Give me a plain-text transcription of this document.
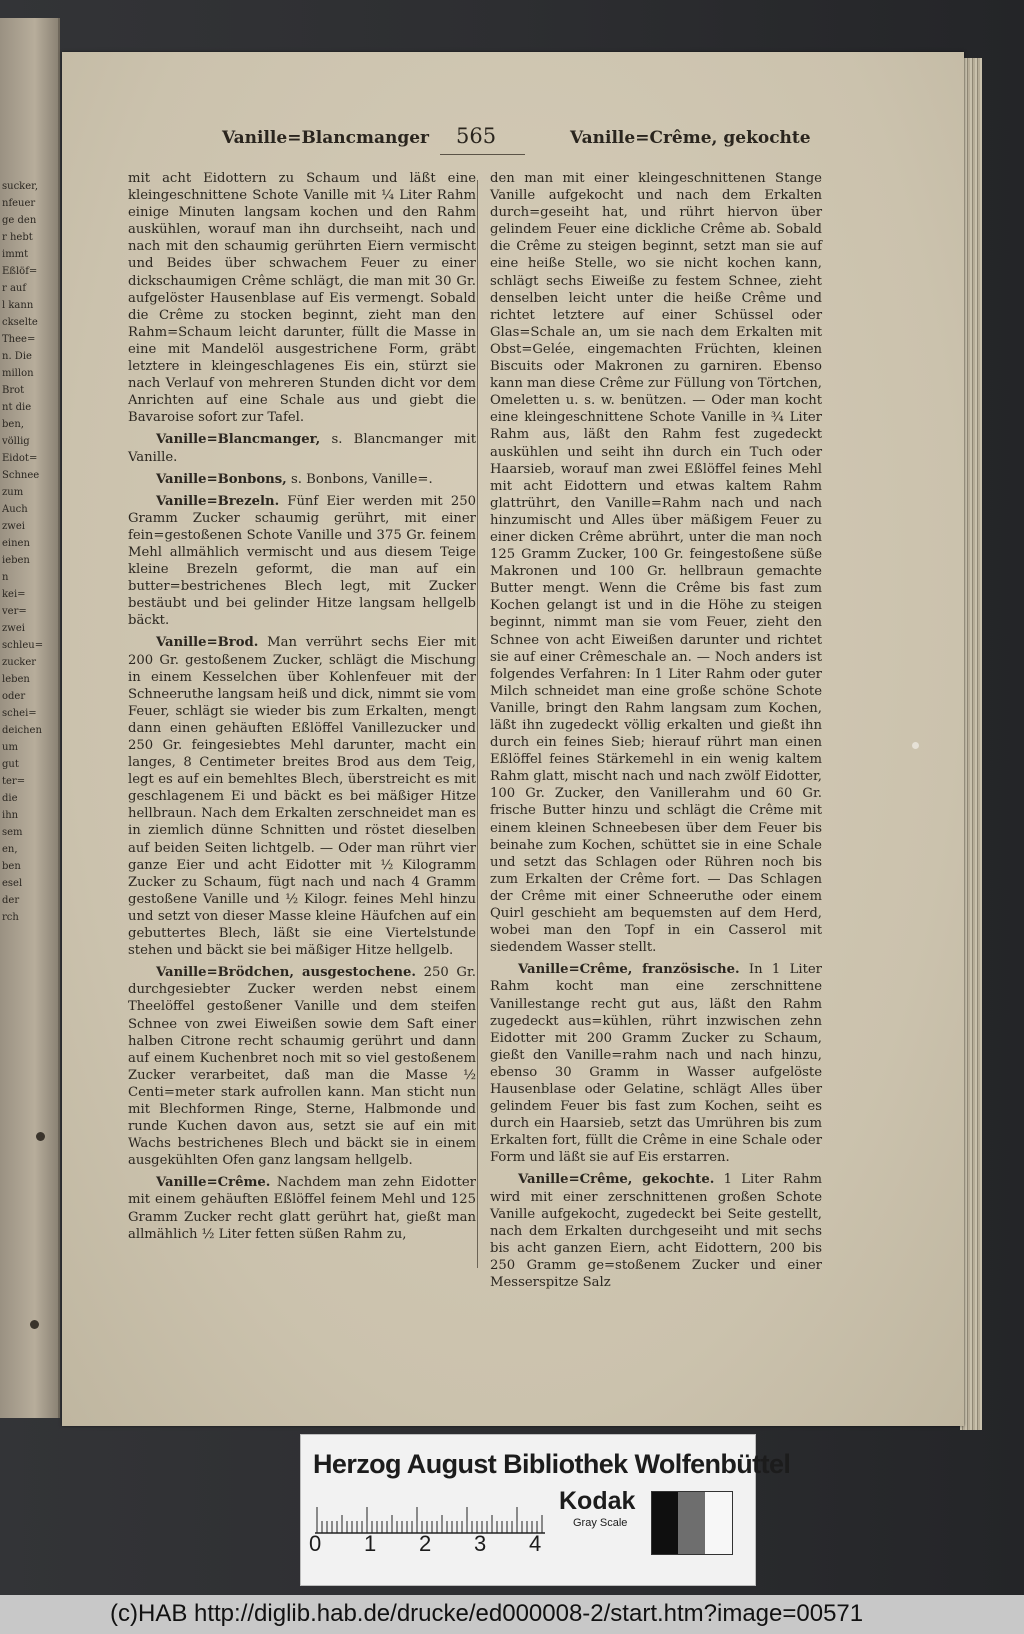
sucker,
nfeuer
ge den
r hebt
immt
Eßlöf=
r auf
l kann
ckselte
Thee=
n. Die
millon
Brot
nt die
ben,
völlig
Eidot=
Schnee
zum
Auch
zwei
einen
ieben
n
kei=
ver=
zwei
schleu=
zucker
leben
oder
schei=
deichen
um
gut
ter=
die
ihn
sem
en,
ben
esel
der
rch
Vanille=Blancmanger 565	Vanille=Crême, gekochte

mit acht Eidottern zu Schaum und läßt eine kleingeschnittene Schote Vanille mit ¼ Liter Rahm einige Minuten langsam kochen und den Rahm auskühlen, worauf man ihn durchseiht, nach und nach mit den schaumig gerührten Eiern vermischt und Beides über schwachem Feuer zu einer dickschaumigen Crême schlägt, die man mit 30 Gr. aufgelöster Hausenblase auf Eis vermengt. Sobald die Crême zu stocken beginnt, zieht man den Rahm=Schaum leicht darunter, füllt die Masse in eine mit Mandelöl ausgestrichene Form, gräbt letztere in kleingeschlagenes Eis ein, stürzt sie nach Verlauf von mehreren Stunden dicht vor dem Anrichten auf eine Schale aus und giebt die Bavaroise sofort zur Tafel.

Vanille=Blancmanger, s. Blancmanger mit Vanille.

Vanille=Bonbons, s. Bonbons, Vanille=.

Vanille=Brezeln. Fünf Eier werden mit 250 Gramm Zucker schaumig gerührt, mit einer fein=gestoßenen Schote Vanille und 375 Gr. feinem Mehl allmählich vermischt und aus diesem Teige kleine Brezeln geformt, die man auf ein butter=bestrichenes Blech legt, mit Zucker bestäubt und bei gelinder Hitze langsam hellgelb bäckt.

Vanille=Brod. Man verrührt sechs Eier mit 200 Gr. gestoßenem Zucker, schlägt die Mischung in einem Kesselchen über Kohlenfeuer mit der Schneeruthe langsam heiß und dick, nimmt sie vom Feuer, schlägt sie wieder bis zum Erkalten, mengt dann einen gehäuften Eßlöffel Vanillezucker und 250 Gr. feingesiebtes Mehl darunter, macht ein langes, 8 Centimeter breites Brod aus dem Teig, legt es auf ein bemehltes Blech, überstreicht es mit geschlagenem Ei und bäckt es bei mäßiger Hitze hellbraun. Nach dem Erkalten zerschneidet man es in ziemlich dünne Schnitten und röstet dieselben auf beiden Seiten lichtgelb. — Oder man rührt vier ganze Eier und acht Eidotter mit ½ Kilogramm Zucker zu Schaum, fügt nach und nach 4 Gramm gestoßene Vanille und ½ Kilogr. feines Mehl hinzu und setzt von dieser Masse kleine Häufchen auf ein gebuttertes Blech, läßt sie eine Viertelstunde stehen und bäckt sie bei mäßiger Hitze hellgelb.

Vanille=Brödchen, ausgestochene. 250 Gr. durchgesiebter Zucker werden nebst einem Theelöffel gestoßener Vanille und dem steifen Schnee von zwei Eiweißen sowie dem Saft einer halben Citrone recht schaumig gerührt und dann auf einem Kuchenbret noch mit so viel gestoßenem Zucker verarbeitet, daß man die Masse ½ Centi=meter stark aufrollen kann. Man sticht nun mit Blechformen Ringe, Sterne, Halbmonde und runde Kuchen davon aus, setzt sie auf ein mit Wachs bestrichenes Blech und bäckt sie in einem ausgekühlten Ofen ganz langsam hellgelb.

Vanille=Crême. Nachdem man zehn Eidotter mit einem gehäuften Eßlöffel feinem Mehl und 125 Gramm Zucker recht glatt gerührt hat, gießt man allmählich ½ Liter fetten süßen Rahm zu,

den man mit einer kleingeschnittenen Stange Vanille aufgekocht und nach dem Erkalten durch=geseiht hat, und rührt hiervon über gelindem Feuer eine dickliche Crême ab. Sobald die Crême zu steigen beginnt, setzt man sie auf eine heiße Stelle, wo sie nicht kochen kann, schlägt sechs Eiweiße zu festem Schnee, zieht denselben leicht unter die heiße Crême und richtet letztere auf einer Schüssel oder Glas=Schale an, um sie nach dem Erkalten mit Obst=Gelée, eingemachten Früchten, kleinen Biscuits oder Makronen zu garniren. Ebenso kann man diese Crême zur Füllung von Törtchen, Omeletten u. s. w. benützen. — Oder man kocht eine kleingeschnittene Schote Vanille in ¾ Liter Rahm aus, läßt den Rahm fest zugedeckt auskühlen und seiht ihn durch ein Tuch oder Haarsieb, worauf man zwei Eßlöffel feines Mehl mit acht Eidottern und etwas kaltem Rahm glattrührt, den Vanille=Rahm nach und nach hinzumischt und Alles über mäßigem Feuer zu einer dicken Crême abrührt, unter die man noch 125 Gramm Zucker, 100 Gr. feingestoßene süße Makronen und 100 Gr. hellbraun gemachte Butter mengt. Wenn die Crême bis fast zum Kochen gelangt ist und in die Höhe zu steigen beginnt, nimmt man sie vom Feuer, zieht den Schnee von acht Eiweißen darunter und richtet sie auf einer Crêmeschale an. — Noch anders ist folgendes Verfahren: In 1 Liter Rahm oder guter Milch schneidet man eine große schöne Schote Vanille, bringt den Rahm langsam zum Kochen, läßt ihn zugedeckt völlig erkalten und gießt ihn durch ein feines Sieb; hierauf rührt man einen Eßlöffel feines Stärkemehl in ein wenig kaltem Rahm glatt, mischt nach und nach zwölf Eidotter, 100 Gr. Zucker, den Vanillerahm und 60 Gr. frische Butter hinzu und schlägt die Crême mit einem kleinen Schneebesen über dem Feuer bis beinahe zum Kochen, schüttet sie in eine Schale und setzt das Schlagen oder Rühren noch bis zum Erkalten der Crême fort. — Das Schlagen der Crême mit einer Schneeruthe oder einem Quirl geschieht am bequemsten auf dem Herd, wobei man den Topf in ein Casserol mit siedendem Wasser stellt.

Vanille=Crême, französische. In 1 Liter Rahm kocht man eine zerschnittene Vanillestange recht gut aus, läßt den Rahm zugedeckt aus=kühlen, rührt inzwischen zehn Eidotter mit 200 Gramm Zucker zu Schaum, gießt den Vanille=rahm nach und nach hinzu, ebenso 30 Gramm in Wasser aufgelöste Hausenblase oder Gelatine, schlägt Alles über gelindem Feuer bis fast zum Kochen, seiht es durch ein Haarsieb, setzt das Umrühren bis zum Erkalten fort, füllt die Crême in eine Schale oder Form und läßt sie auf Eis erstarren.

Vanille=Crême, gekochte. 1 Liter Rahm wird mit einer zerschnittenen großen Schote Vanille aufgekocht, zugedeckt bei Seite gestellt, nach dem Erkalten durchgeseiht und mit sechs bis acht ganzen Eiern, acht Eidottern, 200 bis 250 Gramm ge=stoßenem Zucker und einer Messerspitze Salz

Herzog August Bibliothek Wolfenbüttel
0 1 2 3 4
Kodak
Gray Scale
(c)HAB http://diglib.hab.de/drucke/ed000008-2/start.htm?image=00571
